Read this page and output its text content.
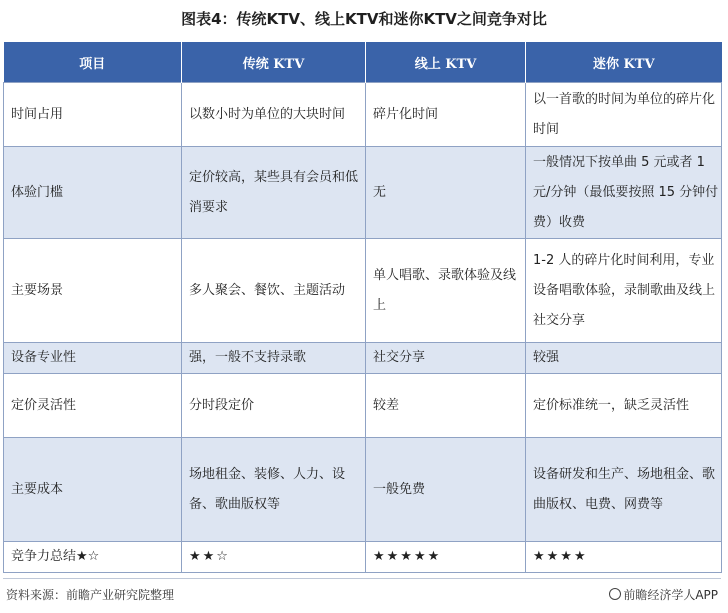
图表4：传统KTV、线上KTV和迷你KTV之间竞争对比
项目	传统 KTV	线上 KTV	迷你 KTV
时间占用	以数小时为单位的大块时间	碎片化时间	以一首歌的时间为单位的碎片化时间
体验门槛	定价较高，某些具有会员和低消要求	无	一般情况下按单曲 5 元或者 1 元/分钟（最低要按照 15 分钟付费）收费
主要场景	多人聚会、餐饮、主题活动	单人唱歌、录歌体验及线上	1-2 人的碎片化时间利用，专业设备唱歌体验，录制歌曲及线上社交分享
设备专业性	强，一般不支持录歌	社交分享	较强
定价灵活性	分时段定价	较差	定价标准统一，缺乏灵活性
主要成本	场地租金、装修、人力、设备、歌曲版权等	一般免费	设备研发和生产、场地租金、歌曲版权、电费、网费等
竞争力总结★☆	★★☆	★★★★★	★★★★
资料来源：前瞻产业研究院整理	前瞻经济学人APP
